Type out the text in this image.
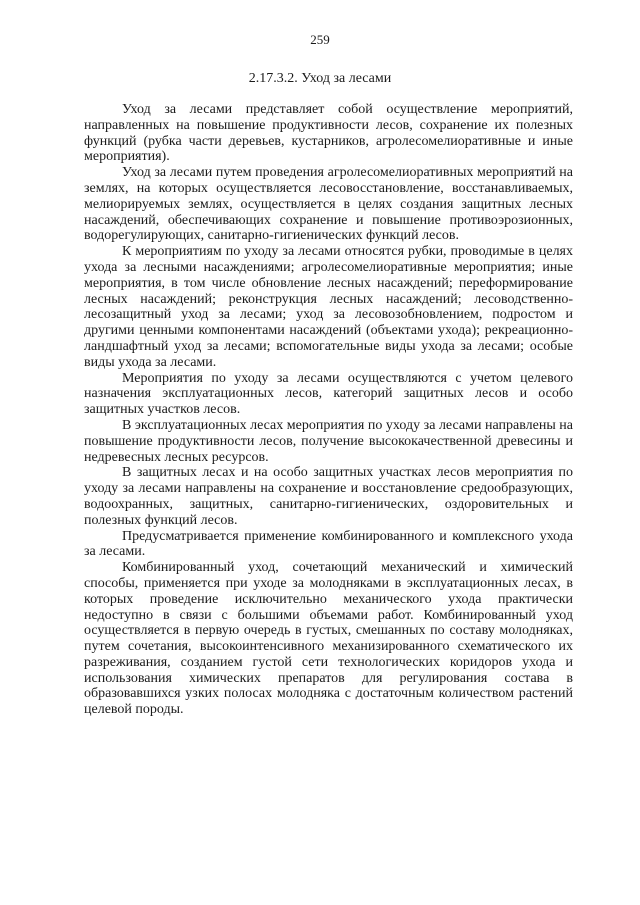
259
2.17.3.2. Уход за лесами

Уход за лесами представляет собой осуществление мероприятий, направленных на повышение продуктивности лесов, сохранение их полезных функций (рубка части деревьев, кустарников, агролесомелиоративные и иные мероприятия).

Уход за лесами путем проведения агролесомелиоративных мероприятий на землях, на которых осуществляется лесовосстановление, восстанавливаемых, мелиорируемых землях, осуществляется в целях создания защитных лесных насаждений, обеспечивающих сохранение и повышение противоэрозионных, водорегулирующих, санитарно-гигиенических функций лесов.

К мероприятиям по уходу за лесами относятся рубки, проводимые в целях ухода за лесными насаждениями; агролесомелиоративные мероприятия; иные мероприятия, в том числе обновление лесных насаждений; переформирование лесных насаждений; реконструкция лесных насаждений; лесоводственно-лесозащитный уход за лесами; уход за лесовозобновлением, подростом и другими ценными компонентами насаждений (объектами ухода); рекреационно-ландшафтный уход за лесами; вспомогательные виды ухода за лесами; особые виды ухода за лесами.

Мероприятия по уходу за лесами осуществляются с учетом целевого назначения эксплуатационных лесов, категорий защитных лесов и особо защитных участков лесов.

В эксплуатационных лесах мероприятия по уходу за лесами направлены на повышение продуктивности лесов, получение высококачественной древесины и недревесных лесных ресурсов.

В защитных лесах и на особо защитных участках лесов мероприятия по уходу за лесами направлены на сохранение и восстановление средообразующих, водоохранных, защитных, санитарно-гигиенических, оздоровительных и полезных функций лесов.

Предусматривается применение комбинированного и комплексного ухода за лесами.

Комбинированный уход, сочетающий механический и химический способы, применяется при уходе за молодняками в эксплуатационных лесах, в которых проведение исключительно механического ухода практически недоступно в связи с большими объемами работ. Комбинированный уход осуществляется в первую очередь в густых, смешанных по составу молодняках, путем сочетания, высокоинтенсивного механизированного схематического их разреживания, созданием густой сети технологических коридоров ухода и использования химических препаратов для регулирования состава в образовавшихся узких полосах молодняка с достаточным количеством растений целевой породы.
